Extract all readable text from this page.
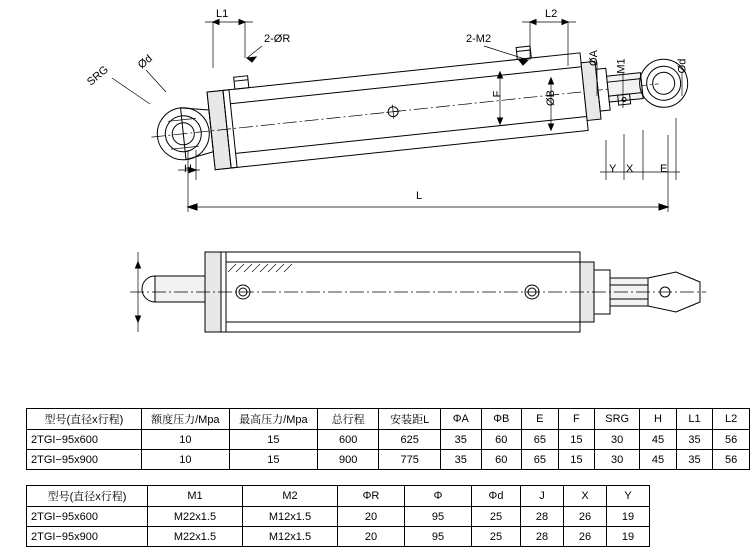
L1	L2
2-ØR	2-M2
SRG
Ød	ØA
M1	Ød
F	ØB
H	Y X E
L
型号(直径x行程)	额度压力/Mpa	最高压力/Mpa	总行程	安装距L	ΦA	ΦB	E	F	SRG	H	L1	L2
2TGI−95x600	10	15	600	625	35	60	65	15	30	45	35	56
2TGI−95x900	10	15	900	775	35	60	65	15	30	45	35	56
型号(直径x行程)	M1	M2	ΦR	Φ	Φd	J	X	Y
2TGI−95x600	M22x1.5	M12x1.5	20	95	25	28	26	19
2TGI−95x900	M22x1.5	M12x1.5	20	95	25	28	26	19
